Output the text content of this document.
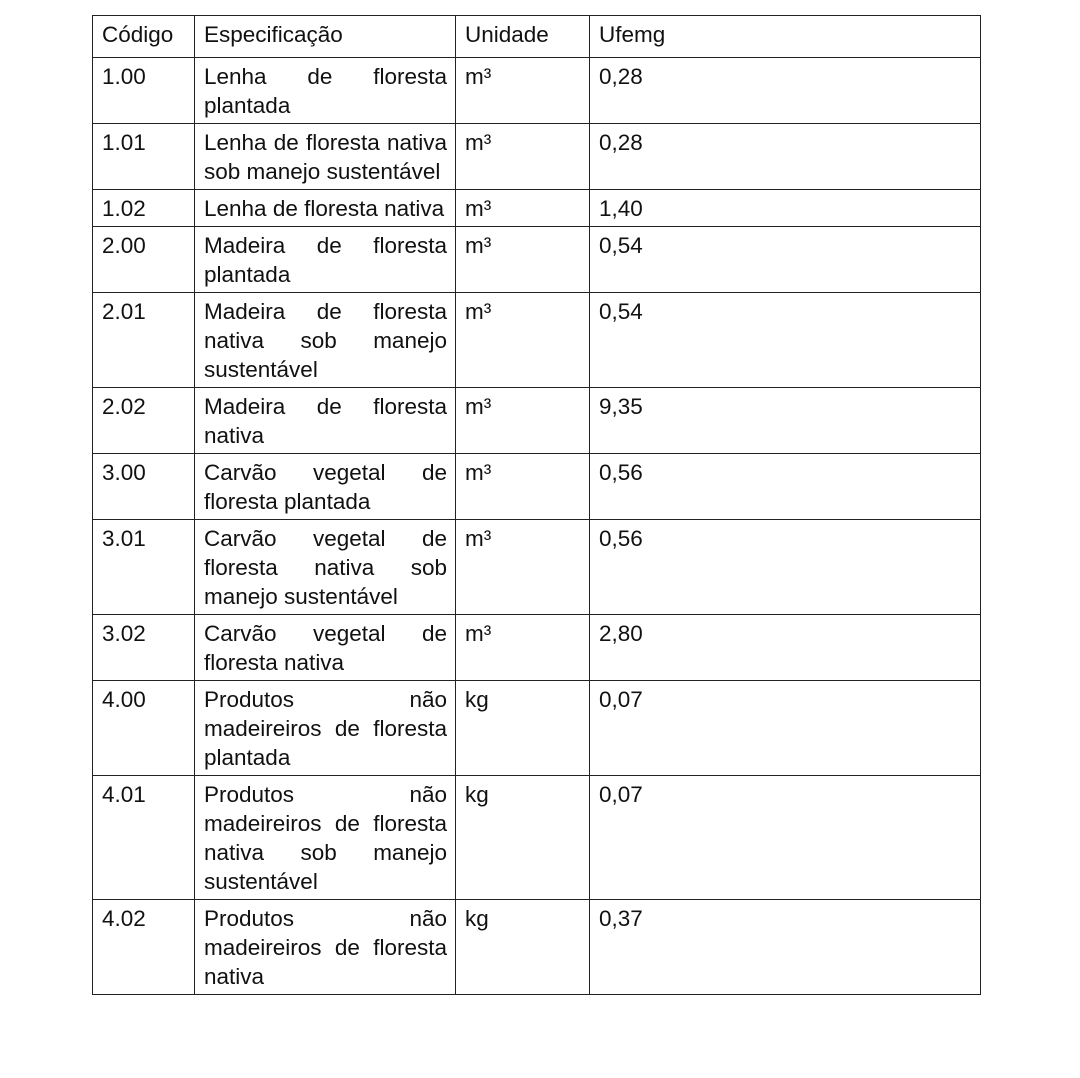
Código	Especificação	Unidade	Ufemg
1.00	Lenha de floresta plantada	m³	0,28
1.01	Lenha de floresta nativa sob manejo sustentável	m³	0,28
1.02	Lenha de floresta nativa	m³	1,40
2.00	Madeira de floresta plantada	m³	0,54
2.01	Madeira de floresta nativa sob manejo sustentável	m³	0,54
2.02	Madeira de floresta nativa	m³	9,35
3.00	Carvão vegetal de floresta plantada	m³	0,56
3.01	Carvão vegetal de floresta nativa sob manejo sustentável	m³	0,56
3.02	Carvão vegetal de floresta nativa	m³	2,80
4.00	Produtos não madeireiros de floresta plantada	kg	0,07
4.01	Produtos não madeireiros de floresta nativa sob manejo sustentável	kg	0,07
4.02	Produtos não madeireiros de floresta nativa	kg	0,37
